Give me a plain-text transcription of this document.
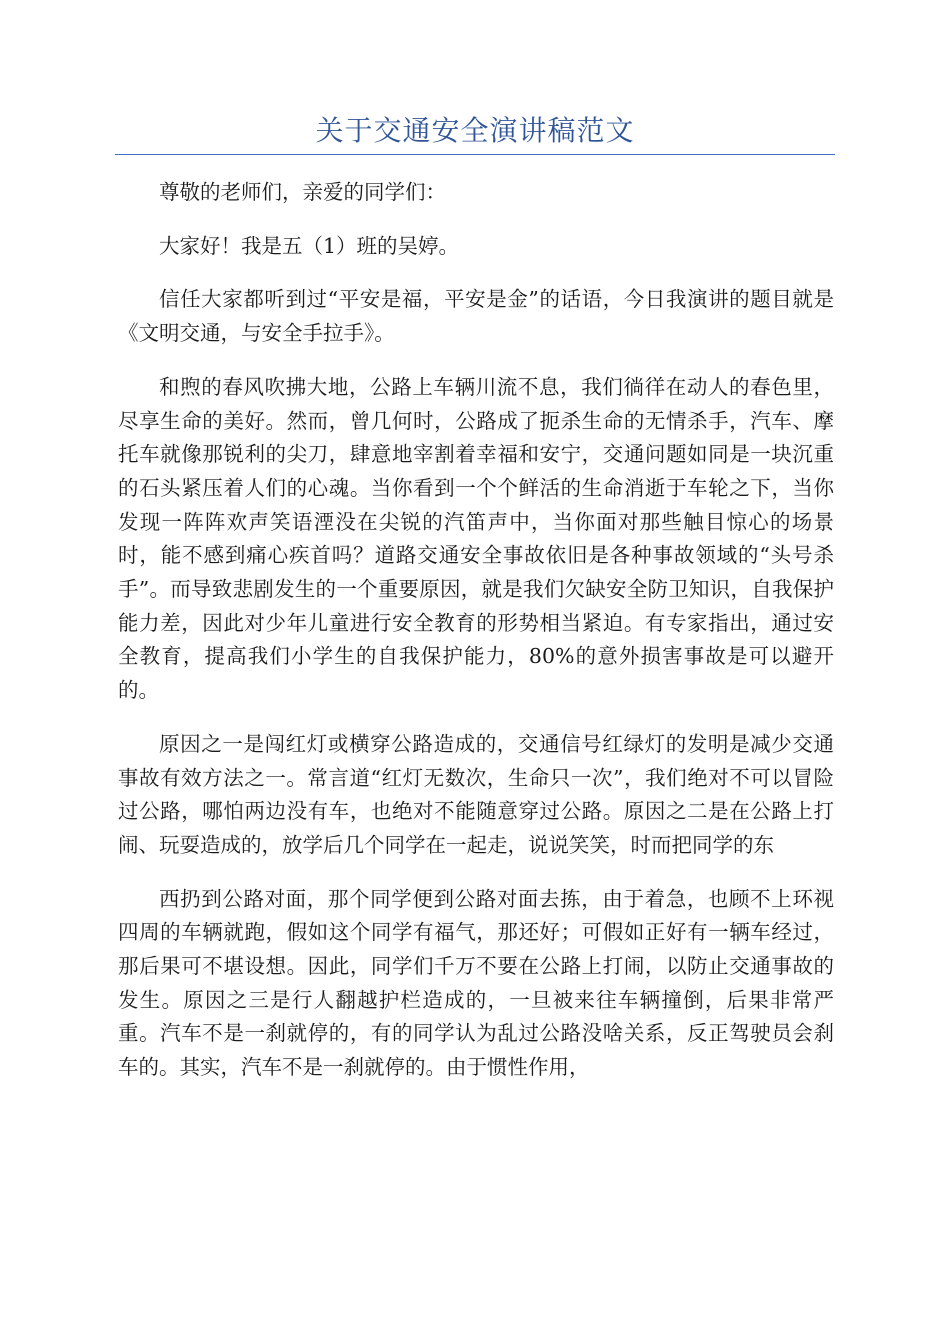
关于交通安全演讲稿范文

尊敬的老师们，亲爱的同学们：

大家好！我是五（1）班的吴婷。

信任大家都听到过“平安是福，平安是金”的话语，今日我演讲的题目就是《文明交通，与安全手拉手》。

和煦的春风吹拂大地，公路上车辆川流不息，我们徜徉在动人的春色里，尽享生命的美好。然而，曾几何时，公路成了扼杀生命的无情杀手，汽车、摩托车就像那锐利的尖刀，肆意地宰割着幸福和安宁，交通问题如同是一块沉重的石头紧压着人们的心魂。当你看到一个个鲜活的生命消逝于车轮之下，当你发现一阵阵欢声笑语湮没在尖锐的汽笛声中，当你面对那些触目惊心的场景时，能不感到痛心疾首吗？道路交通安全事故依旧是各种事故领域的“头号杀手”。而导致悲剧发生的一个重要原因，就是我们欠缺安全防卫知识，自我保护能力差，因此对少年儿童进行安全教育的形势相当紧迫。有专家指出，通过安全教育，提高我们小学生的自我保护能力，80%的意外损害事故是可以避开的。

原因之一是闯红灯或横穿公路造成的，交通信号红绿灯的发明是减少交通事故有效方法之一。常言道“红灯无数次，生命只一次”，我们绝对不可以冒险过公路，哪怕两边没有车，也绝对不能随意穿过公路。原因之二是在公路上打闹、玩耍造成的，放学后几个同学在一起走，说说笑笑，时而把同学的东

西扔到公路对面，那个同学便到公路对面去拣，由于着急，也顾不上环视四周的车辆就跑，假如这个同学有福气，那还好；可假如正好有一辆车经过，那后果可不堪设想。因此，同学们千万不要在公路上打闹，以防止交通事故的发生。原因之三是行人翻越护栏造成的，一旦被来往车辆撞倒，后果非常严重。汽车不是一刹就停的，有的同学认为乱过公路没啥关系，反正驾驶员会刹车的。其实，汽车不是一刹就停的。由于惯性作用，
